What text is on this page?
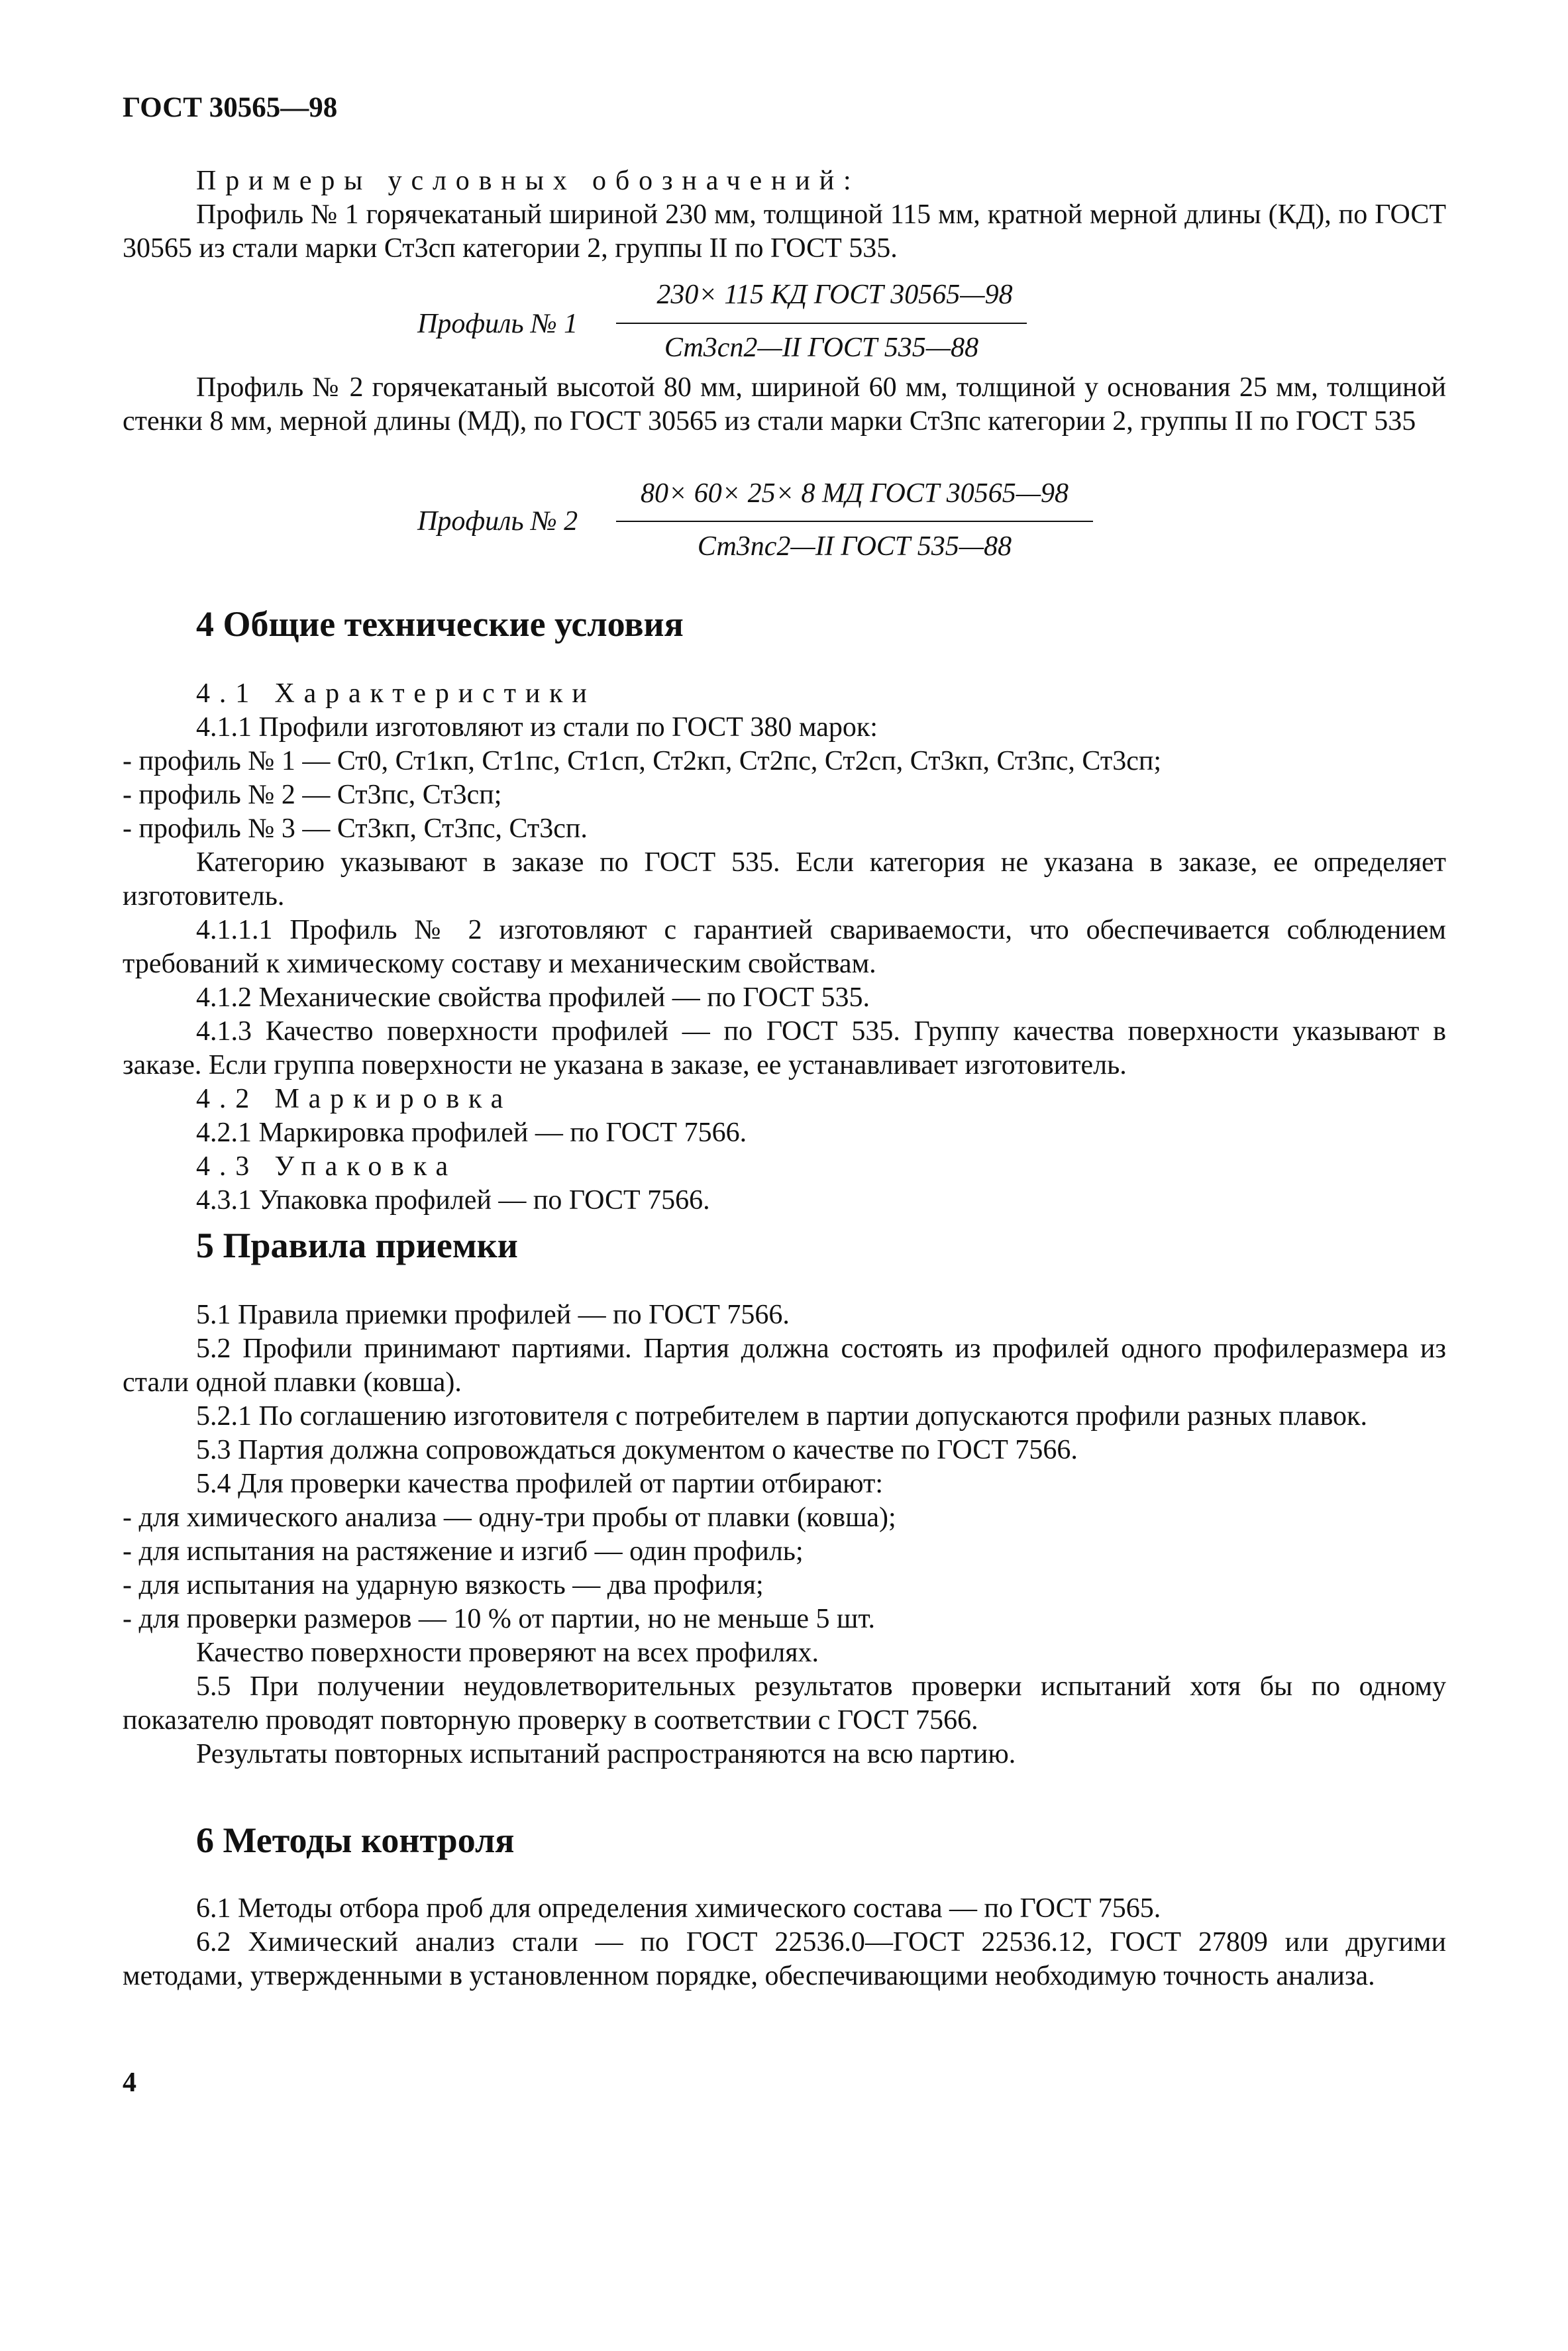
ГОСТ 30565—98

Примеры условных обозначений:

Профиль № 1 горячекатаный шириной 230 мм, толщиной 115 мм, кратной мерной длины (КД), по ГОСТ 30565 из стали марки Ст3сп категории 2, группы II по ГОСТ 535.

Профиль № 1
230× 115 КД ГОСТ 30565—98
Ст3сп2—II ГОСТ 535—88

Профиль № 2 горячекатаный высотой 80 мм, шириной 60 мм, толщиной у основания 25 мм, толщиной стенки 8 мм, мерной длины (МД), по ГОСТ 30565 из стали марки Ст3пс категории 2, группы II по ГОСТ 535

Профиль № 2
80× 60× 25× 8 МД ГОСТ 30565—98
Ст3пс2—II ГОСТ 535—88
4 Общие технические условия

4.1 Характеристики

4.1.1 Профили изготовляют из стали по ГОСТ 380 марок:

- профиль № 1 — Ст0, Ст1кп, Ст1пс, Ст1сп, Ст2кп, Ст2пс, Ст2сп, Ст3кп, Ст3пс, Ст3сп;

- профиль № 2 — Ст3пс, Ст3сп;

- профиль № 3 — Ст3кп, Ст3пс, Ст3сп.

Категорию указывают в заказе по ГОСТ 535. Если категория не указана в заказе, ее определяет изготовитель.

4.1.1.1 Профиль № 2 изготовляют с гарантией свариваемости, что обеспечивается соблюдением требований к химическому составу и механическим свойствам.

4.1.2 Механические свойства профилей — по ГОСТ 535.

4.1.3 Качество поверхности профилей — по ГОСТ 535. Группу качества поверхности указывают в заказе. Если группа поверхности не указана в заказе, ее устанавливает изготовитель.

4.2 Маркировка

4.2.1 Маркировка профилей — по ГОСТ 7566.

4.3 Упаковка

4.3.1 Упаковка профилей — по ГОСТ 7566.

5 Правила приемки

5.1 Правила приемки профилей — по ГОСТ 7566.

5.2 Профили принимают партиями. Партия должна состоять из профилей одного профилеразмера из стали одной плавки (ковша).

5.2.1 По соглашению изготовителя с потребителем в партии допускаются профили разных плавок.

5.3 Партия должна сопровождаться документом о качестве по ГОСТ 7566.

5.4 Для проверки качества профилей от партии отбирают:

- для химического анализа — одну-три пробы от плавки (ковша);

- для испытания на растяжение и изгиб — один профиль;

- для испытания на ударную вязкость — два профиля;

- для проверки размеров — 10 % от партии, но не меньше 5 шт.

Качество поверхности проверяют на всех профилях.

5.5 При получении неудовлетворительных результатов проверки испытаний хотя бы по одному показателю проводят повторную проверку в соответствии с ГОСТ 7566.

Результаты повторных испытаний распространяются на всю партию.

6 Методы контроля

6.1 Методы отбора проб для определения химического состава — по ГОСТ 7565.

6.2 Химический анализ стали — по ГОСТ 22536.0—ГОСТ 22536.12, ГОСТ 27809 или другими методами, утвержденными в установленном порядке, обеспечивающими необходимую точность анализа.

4
